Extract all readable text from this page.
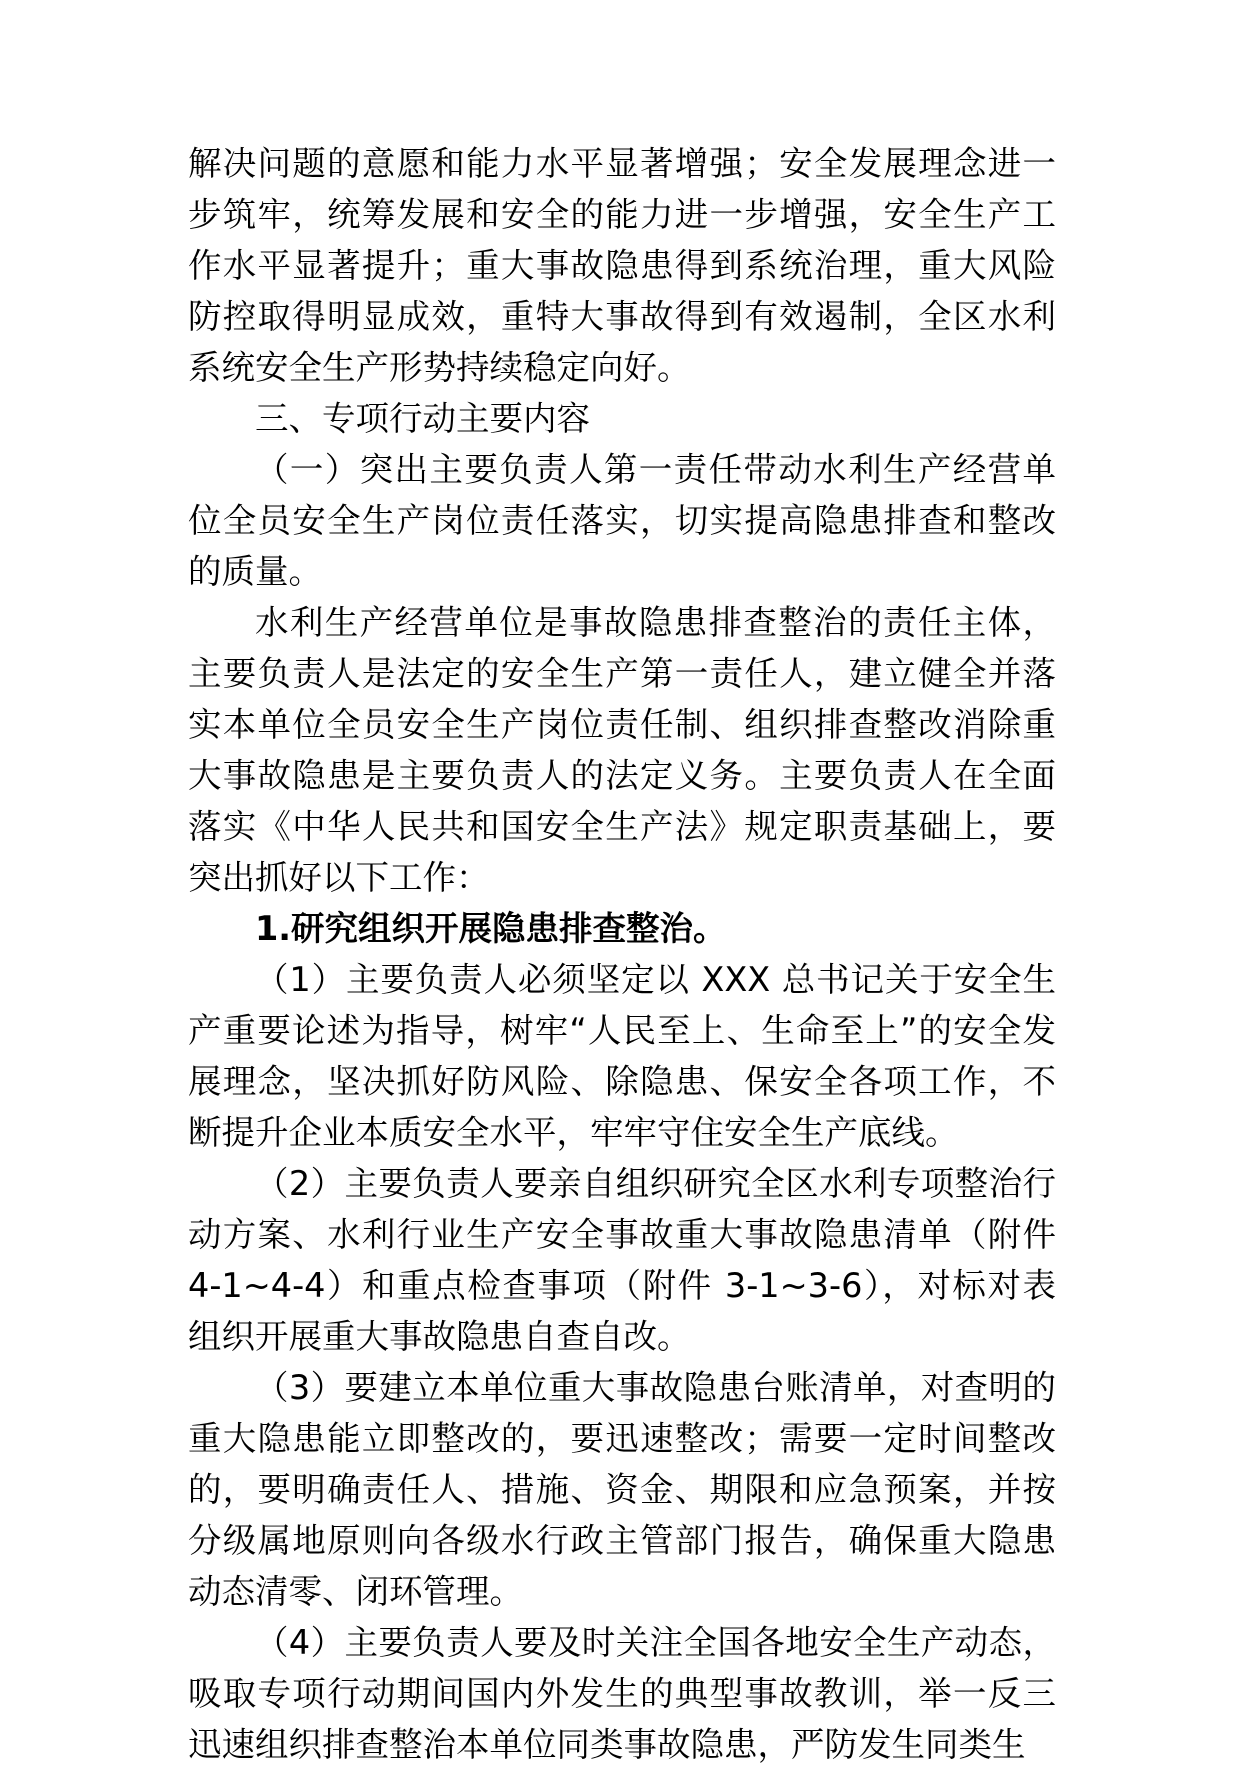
解决问题的意愿和能力水平显著增强；安全发展理念进一步筑牢，统筹发展和安全的能力进一步增强，安全生产工作水平显著提升；重大事故隐患得到系统治理，重大风险防控取得明显成效，重特大事故得到有效遏制，全区水利系统安全生产形势持续稳定向好。

三、专项行动主要内容

（一）突出主要负责人第一责任带动水利生产经营单位全员安全生产岗位责任落实，切实提高隐患排查和整改的质量。

水利生产经营单位是事故隐患排查整治的责任主体，主要负责人是法定的安全生产第一责任人，建立健全并落实本单位全员安全生产岗位责任制、组织排查整改消除重大事故隐患是主要负责人的法定义务。主要负责人在全面落实《中华人民共和国安全生产法》规定职责基础上，要突出抓好以下工作：

1.研究组织开展隐患排查整治。

（1）主要负责人必须坚定以 XXX 总书记关于安全生产重要论述为指导，树牢“人民至上、生命至上”的安全发展理念，坚决抓好防风险、除隐患、保安全各项工作，不断提升企业本质安全水平，牢牢守住安全生产底线。

（2）主要负责人要亲自组织研究全区水利专项整治行动方案、水利行业生产安全事故重大事故隐患清单（附件 4-1~4-4）和重点检查事项（附件 3-1~3-6），对标对表组织开展重大事故隐患自查自改。

（3）要建立本单位重大事故隐患台账清单，对查明的重大隐患能立即整改的，要迅速整改；需要一定时间整改的，要明确责任人、措施、资金、期限和应急预案，并按分级属地原则向各级水行政主管部门报告，确保重大隐患动态清零、闭环管理。

（4）主要负责人要及时关注全国各地安全生产动态，吸取专项行动期间国内外发生的典型事故教训，举一反三迅速组织排查整治本单位同类事故隐患，严防发生同类生
